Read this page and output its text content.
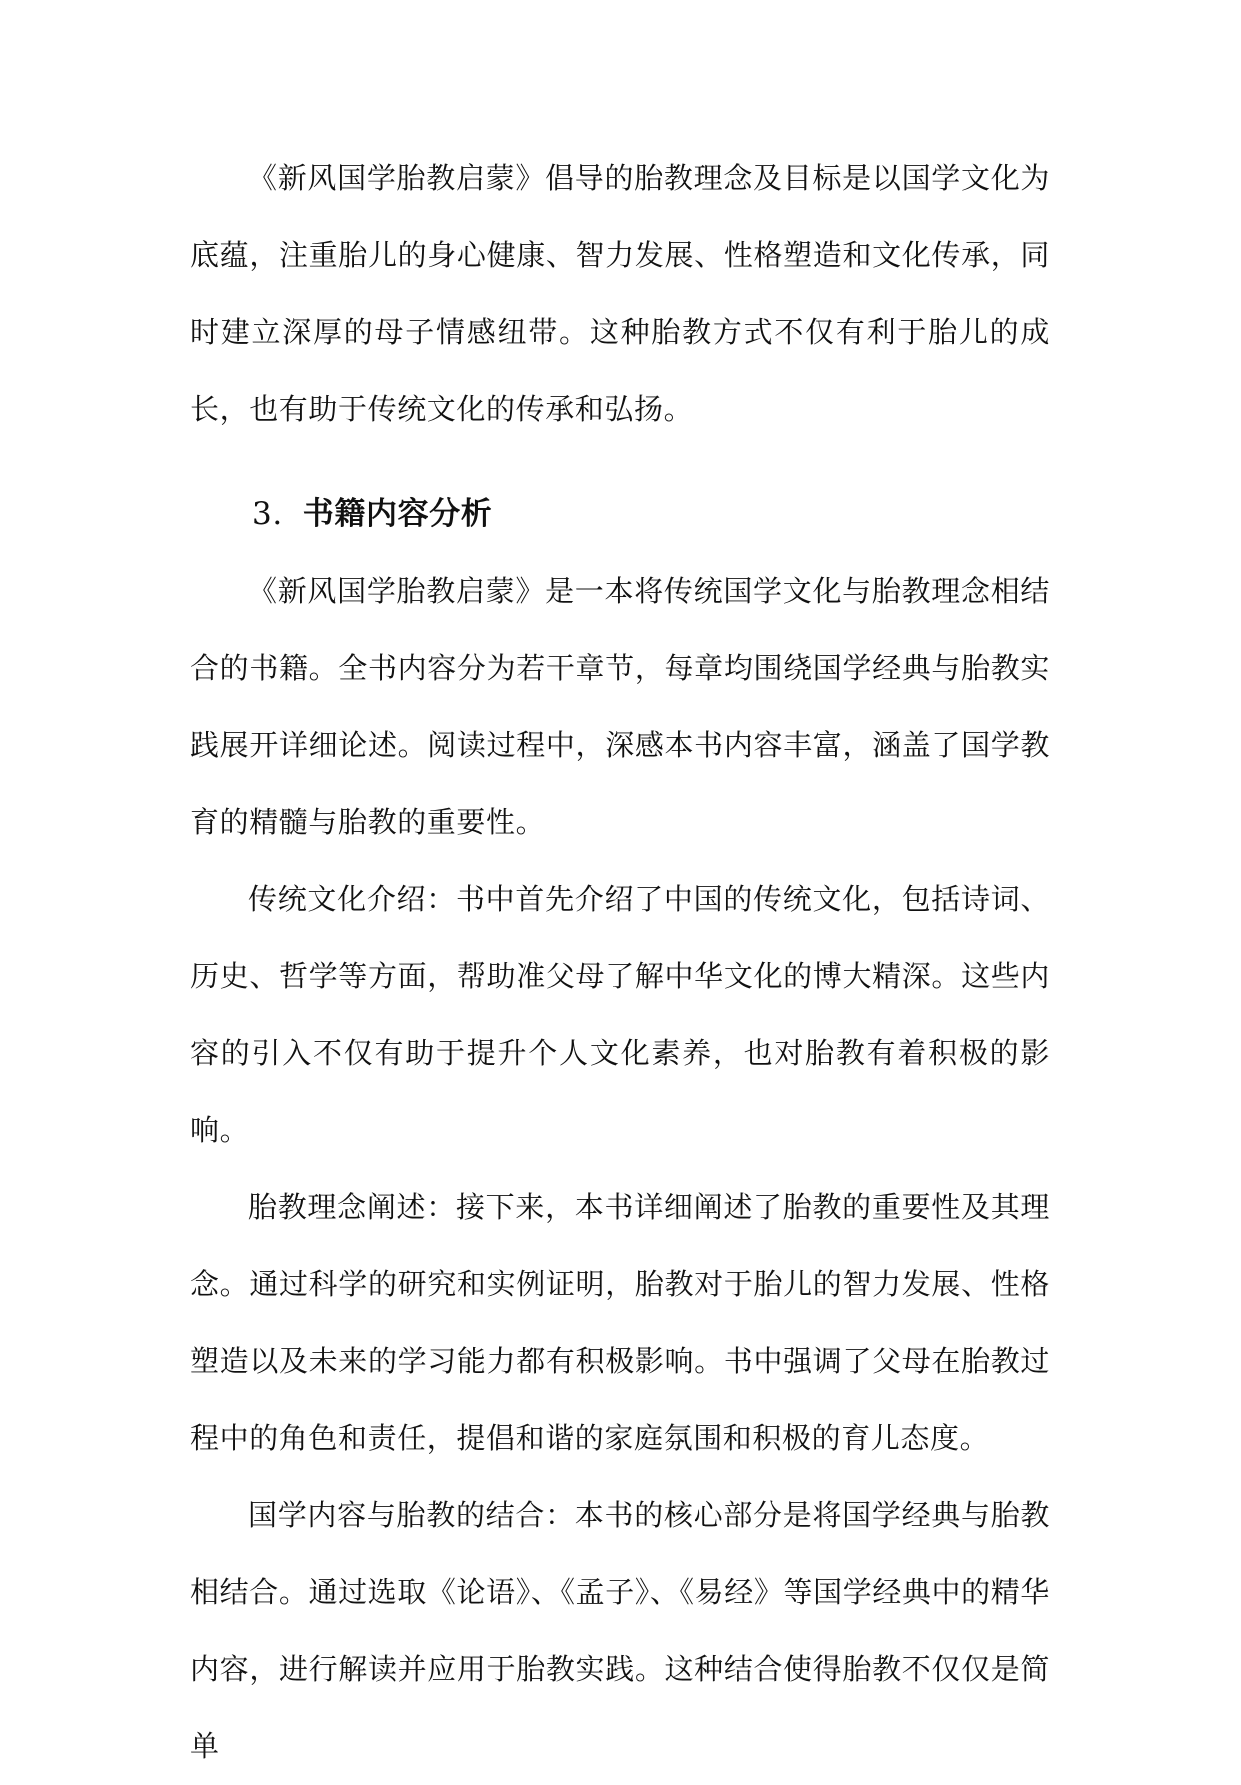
《新风国学胎教启蒙》倡导的胎教理念及目标是以国学文化为底蕴，注重胎儿的身心健康、智力发展、性格塑造和文化传承，同时建立深厚的母子情感纽带。这种胎教方式不仅有利于胎儿的成长，也有助于传统文化的传承和弘扬。

3. 书籍内容分析

《新风国学胎教启蒙》是一本将传统国学文化与胎教理念相结合的书籍。全书内容分为若干章节，每章均围绕国学经典与胎教实践展开详细论述。阅读过程中，深感本书内容丰富，涵盖了国学教育的精髓与胎教的重要性。

传统文化介绍：书中首先介绍了中国的传统文化，包括诗词、历史、哲学等方面，帮助准父母了解中华文化的博大精深。这些内容的引入不仅有助于提升个人文化素养，也对胎教有着积极的影响。

胎教理念阐述：接下来，本书详细阐述了胎教的重要性及其理念。通过科学的研究和实例证明，胎教对于胎儿的智力发展、性格塑造以及未来的学习能力都有积极影响。书中强调了父母在胎教过程中的角色和责任，提倡和谐的家庭氛围和积极的育儿态度。

国学内容与胎教的结合：本书的核心部分是将国学经典与胎教相结合。通过选取《论语》、《孟子》、《易经》等国学经典中的精华内容，进行解读并应用于胎教实践。这种结合使得胎教不仅仅是简单
